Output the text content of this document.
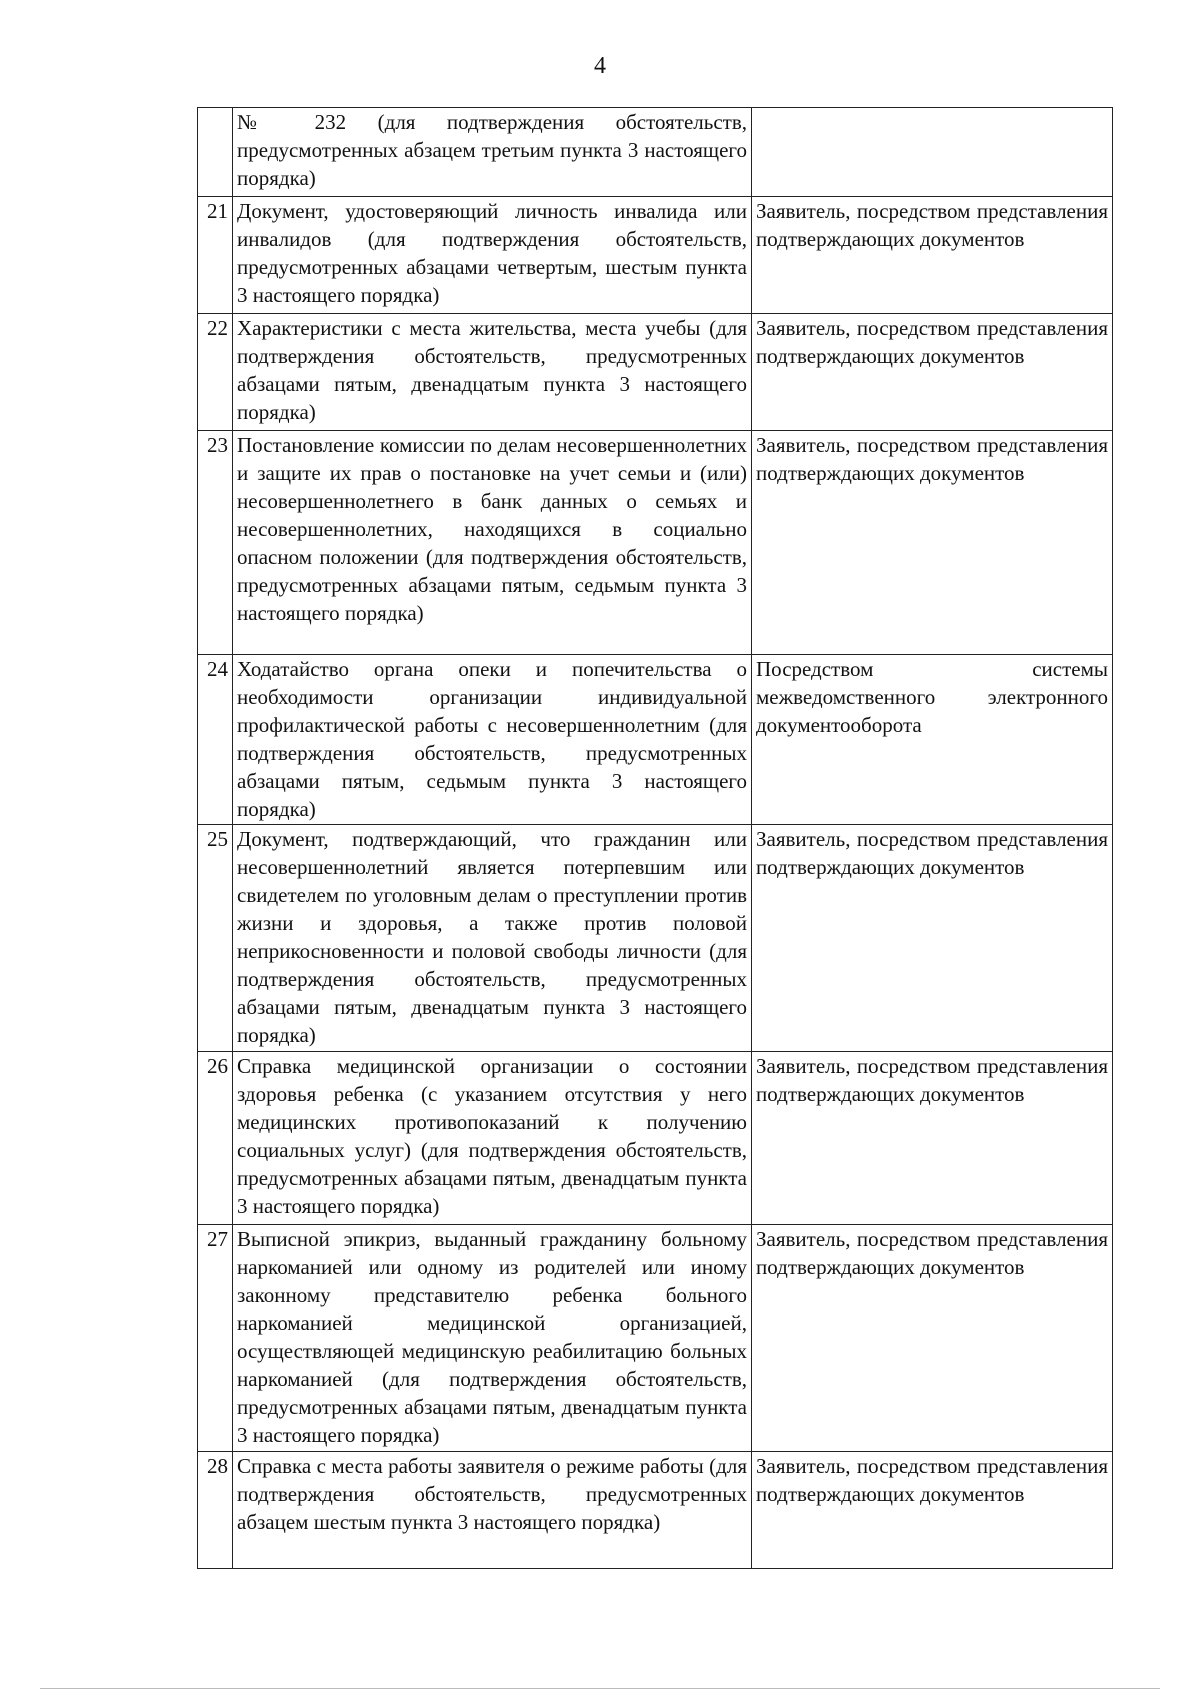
4
	№ 232 (для подтверждения обстоятельств, предусмотренных абзацем третьим пункта 3 настоящего порядка)	
21	Документ, удостоверяющий личность инвалида или инвалидов (для подтверждения обстоятельств, предусмотренных абзацами четвертым, шестым пункта 3 настоящего порядка)	Заявитель, посредством представления подтверждающих документов
22	Характеристики с места жительства, места учебы (для подтверждения обстоятельств, предусмотренных абзацами пятым, двенадцатым пункта 3 настоящего порядка)	Заявитель, посредством представления подтверждающих документов
23	Постановление комиссии по делам несовершеннолетних и защите их прав о постановке на учет семьи и (или) несовершеннолетнего в банк данных о семьях и несовершеннолетних, находящихся в социально опасном положении (для подтверждения обстоятельств, предусмотренных абзацами пятым, седьмым пункта 3 настоящего порядка)	Заявитель, посредством представления подтверждающих документов
24	Ходатайство органа опеки и попечительства о необходимости организации индивидуальной профилактической работы с несовершеннолетним (для подтверждения обстоятельств, предусмотренных абзацами пятым, седьмым пункта 3 настоящего порядка)	Посредством системы межведомственного электронного документооборота
25	Документ, подтверждающий, что гражданин или несовершеннолетний является потерпевшим или свидетелем по уголовным делам о преступлении против жизни и здоровья, а также против половой неприкосновенности и половой свободы личности (для подтверждения обстоятельств, предусмотренных абзацами пятым, двенадцатым пункта 3 настоящего порядка)	Заявитель, посредством представления подтверждающих документов
26	Справка медицинской организации о состоянии здоровья ребенка (с указанием отсутствия у него медицинских противопоказаний к получению социальных услуг) (для подтверждения обстоятельств, предусмотренных абзацами пятым, двенадцатым пункта 3 настоящего порядка)	Заявитель, посредством представления подтверждающих документов
27	Выписной эпикриз, выданный гражданину больному наркоманией или одному из родителей или иному законному представителю ребенка больного наркоманией медицинской организацией, осуществляющей медицинскую реабилитацию больных наркоманией (для подтверждения обстоятельств, предусмотренных абзацами пятым, двенадцатым пункта 3 настоящего порядка)	Заявитель, посредством представления подтверждающих документов
28	Справка с места работы заявителя о режиме работы (для подтверждения обстоятельств, предусмотренных абзацем шестым пункта 3 настоящего порядка)	Заявитель, посредством представления подтверждающих документов
